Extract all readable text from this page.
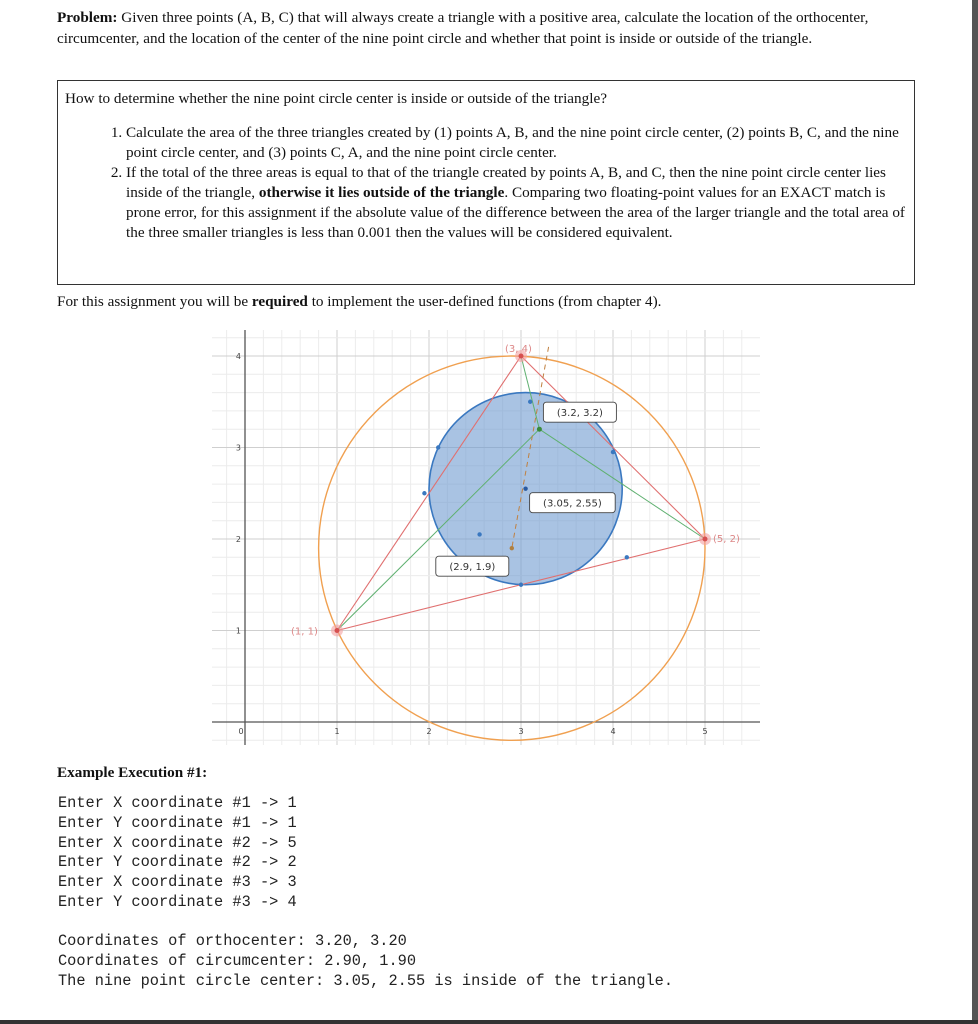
Problem: Given three points (A, B, C) that will always create a triangle with a positive area, calculate the location of the orthocenter, circumcenter, and the location of the center of the nine point circle and whether that point is inside or outside of the triangle.

How to determine whether the nine point circle center is inside or outside of the triangle?
1. Calculate the area of the three triangles created by (1) points A, B, and the nine point circle center, (2) points B, C, and the nine point circle center, and (3) points C, A, and the nine point circle center.
2. If the total of the three areas is equal to that of the triangle created by points A, B, and C, then the nine point circle center lies inside of the triangle, otherwise it lies outside of the triangle. Comparing two floating-point values for an EXACT match is prone error, for this assignment if the absolute value of the difference between the area of the larger triangle and the total area of the three smaller triangles is less than 0.001 then the values will be considered equivalent.
For this assignment you will be required to implement the user-defined functions (from chapter 4).
0	1	2	3	4	5
1
2
3
4
(1, 1)
(5, 2)
(3, 4)
(3.2, 3.2)
(2.9, 1.9)
(3.05, 2.55)
Example Execution #1:
Enter X coordinate #1 -> 1
Enter Y coordinate #1 -> 1
Enter X coordinate #2 -> 5
Enter Y coordinate #2 -> 2
Enter X coordinate #3 -> 3
Enter Y coordinate #3 -> 4
Coordinates of orthocenter: 3.20, 3.20
Coordinates of circumcenter: 2.90, 1.90
The nine point circle center: 3.05, 2.55 is inside of the triangle.
